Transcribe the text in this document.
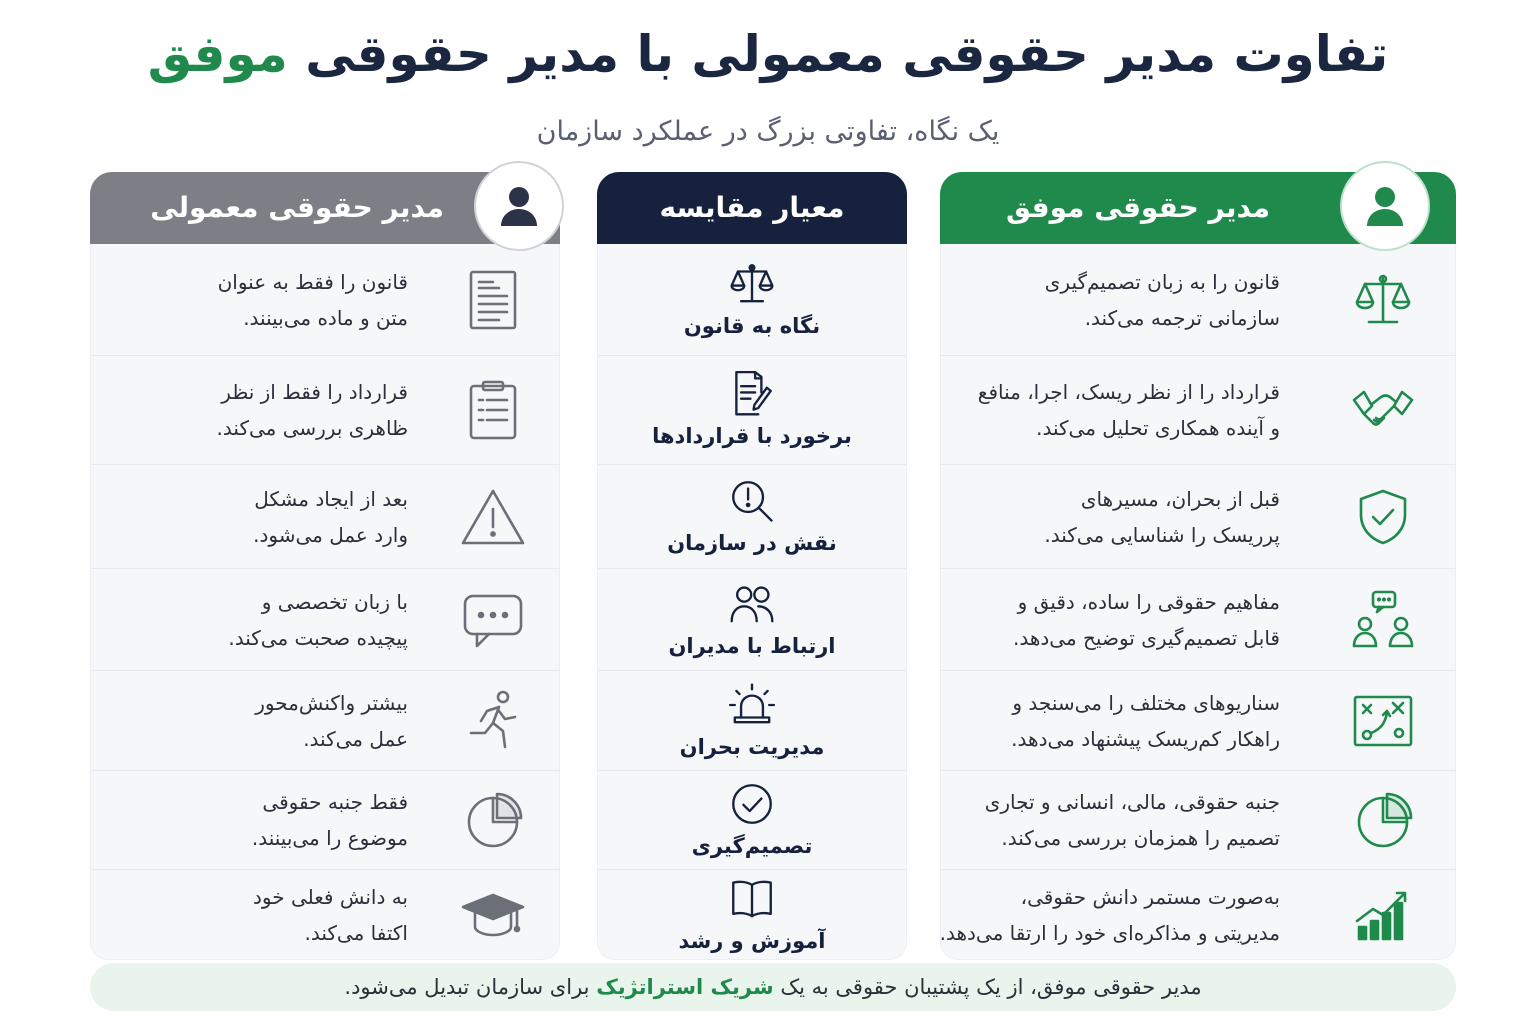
تفاوت مدیر حقوقی معمولی با مدیر حقوقی موفق
یک نگاه، تفاوتی بزرگ در عملکرد سازمان
مدیر حقوقی موفق
قانون را به زبان تصمیم‌گیری
سازمانی ترجمه می‌کند.
قرارداد را از نظر ریسک، اجرا، منافع
و آینده همکاری تحلیل می‌کند.
قبل از بحران، مسیرهای
پرریسک را شناسایی می‌کند.
مفاهیم حقوقی را ساده، دقیق و
قابل تصمیم‌گیری توضیح می‌دهد.
سناریوهای مختلف را می‌سنجد و
راهکار کم‌ریسک پیشنهاد می‌دهد.
جنبه حقوقی، مالی، انسانی و تجاری
تصمیم را همزمان بررسی می‌کند.
به‌صورت مستمر دانش حقوقی،
مدیریتی و مذاکره‌ای خود را ارتقا می‌دهد.
معیار مقایسه
نگاه به قانون
برخورد با قراردادها
نقش در سازمان
ارتباط با مدیران
مدیریت بحران
تصمیم‌گیری
آموزش و رشد
مدیر حقوقی معمولی
قانون را فقط به عنوان
متن و ماده می‌بینند.
قرارداد را فقط از نظر
ظاهری بررسی می‌کند.
بعد از ایجاد مشکل
وارد عمل می‌شود.
با زبان تخصصی و
پیچیده صحبت می‌کند.
بیشتر واکنش‌محور
عمل می‌کند.
فقط جنبه حقوقی
موضوع را می‌بینند.
به دانش فعلی خود
اکتفا می‌کند.
مدیر حقوقی موفق، از یک پشتیبان حقوقی به یک شریک استراتژیک برای سازمان تبدیل می‌شود.
